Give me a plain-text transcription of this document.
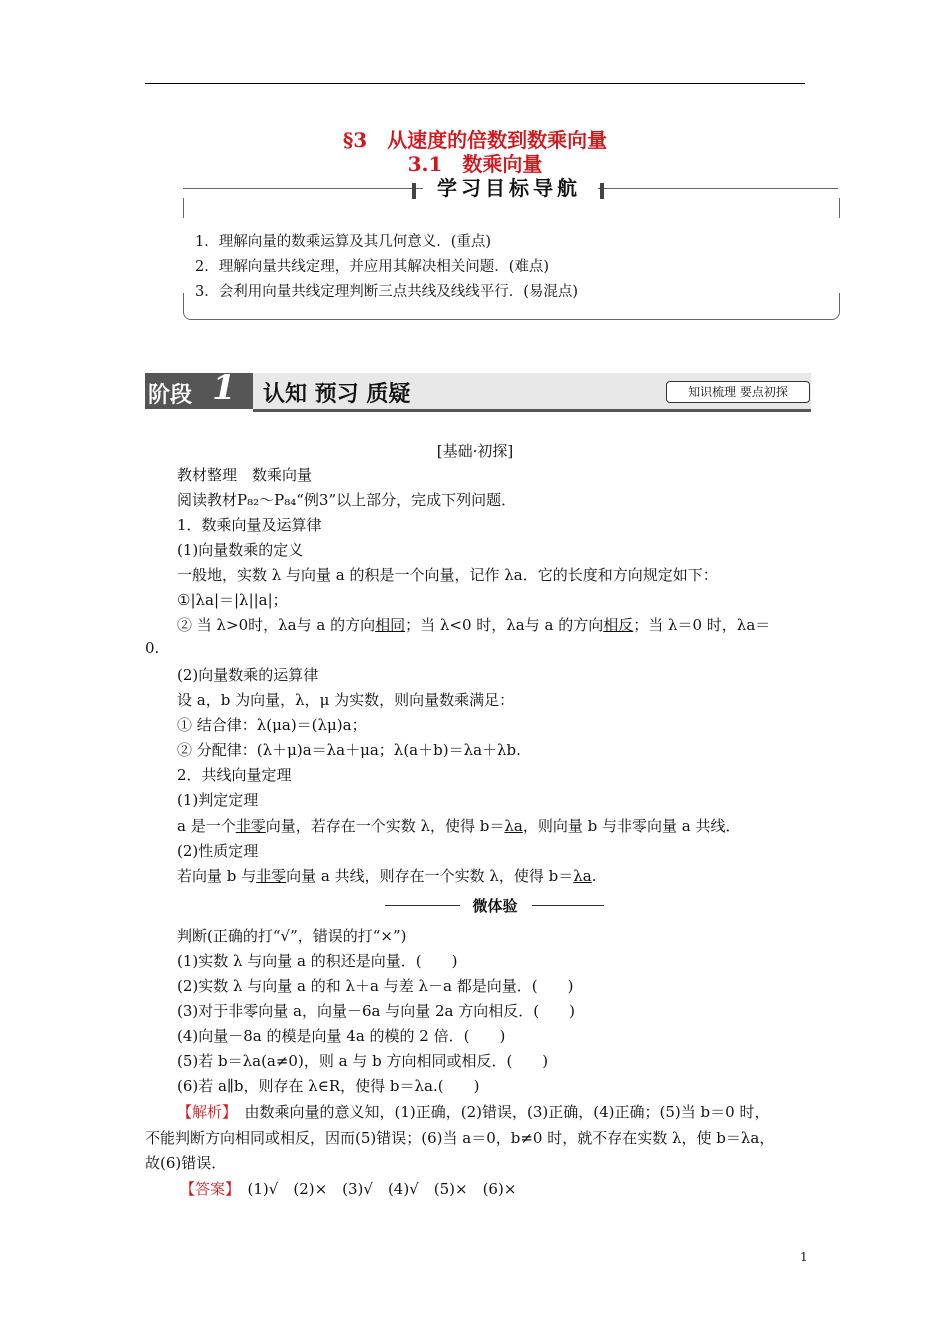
§3　从速度的倍数到数乘向量
3.1　数乘向量
学习目标导航
1．理解向量的数乘运算及其几何意义．(重点)
2．理解向量共线定理，并应用其解决相关问题．(难点)
3．会利用向量共线定理判断三点共线及线线平行．(易混点)
阶段 1 认知 预习 质疑	知识梳理 要点初探
[基础·初探]
教材整理　数乘向量
阅读教材P₈₂～P₈₄“例3”以上部分，完成下列问题．
1．数乘向量及运算律
(1)向量数乘的定义
一般地，实数 λ 与向量 a 的积是一个向量，记作 λa．它的长度和方向规定如下：
①|λa|＝|λ||a|；
② 当 λ>0时，λa与 a 的方向相同；当 λ<0 时，λa与 a 的方向相反；当 λ＝0 时，λa＝
0.
(2)向量数乘的运算律
设 a，b 为向量，λ，μ 为实数，则向量数乘满足：
① 结合律：λ(μa)＝(λμ)a；
② 分配律：(λ＋μ)a＝λa＋μa；λ(a＋b)＝λa＋λb.
2．共线向量定理
(1)判定定理
a 是一个非零向量，若存在一个实数 λ，使得 b＝λa，则向量 b 与非零向量 a 共线．
(2)性质定理
若向量 b 与非零向量 a 共线，则存在一个实数 λ，使得 b＝λa.
微体验
判断(正确的打“√”，错误的打“×”)
(1)实数 λ 与向量 a 的积还是向量．(　　)
(2)实数 λ 与向量 a 的和 λ＋a 与差 λ－a 都是向量．(　　)
(3)对于非零向量 a，向量－6a 与向量 2a 方向相反．(　　)
(4)向量－8a 的模是向量 4a 的模的 2 倍．(　　)
(5)若 b＝λa(a≠0)，则 a 与 b 方向相同或相反．(　　)
(6)若 a∥b，则存在 λ∈R，使得 b＝λa.(　　)
【解析】　 由数乘向量的意义知，(1)正确，(2)错误，(3)正确，(4)正确；(5)当 b＝0 时，
不能判断方向相同或相反，因而(5)错误；(6)当 a＝0，b≠0 时，就不存在实数 λ，使 b＝λa，
故(6)错误．
【答案】　 (1)√　(2)×　(3)√　(4)√　(5)×　(6)×
1
